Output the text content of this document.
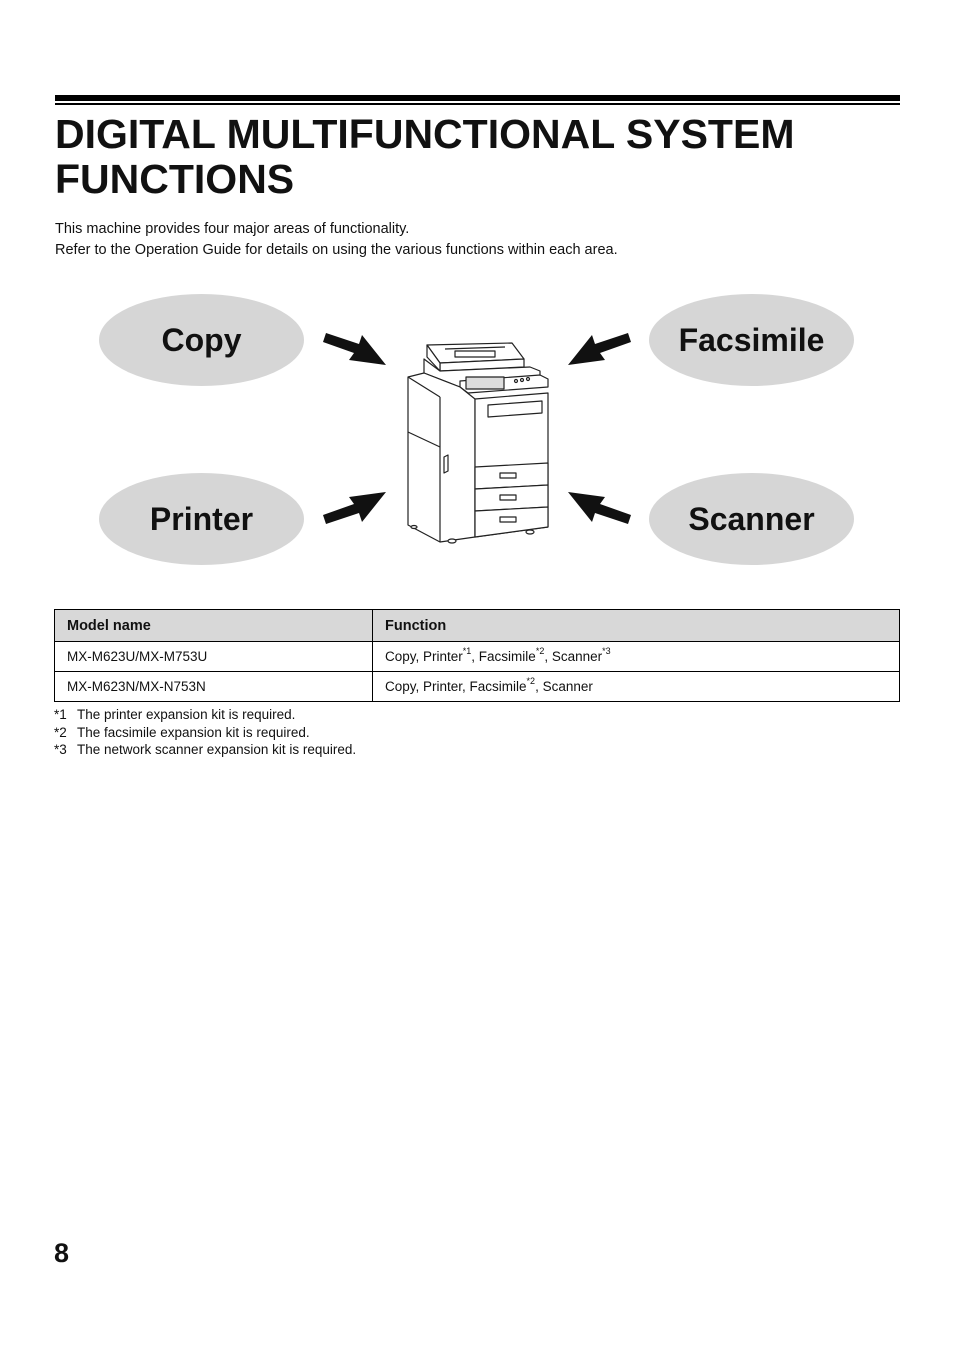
DIGITAL MULTIFUNCTIONAL SYSTEM FUNCTIONS

This machine provides four major areas of functionality.

Refer to the Operation Guide for details on using the various functions within each area.

Copy	Facsimile
Printer	Scanner
Model name	Function
MX-M623U/MX-M753U	Copy, Printer$^{*1}$, Facsimile$^{*2}$, Scanner$^{*3}$
MX-M623N/MX-N753N	Copy, Printer, Facsimile$^{*2}$, Scanner
*1 The printer expansion kit is required.
*2 The facsimile expansion kit is required.
*3 The network scanner expansion kit is required.
8
